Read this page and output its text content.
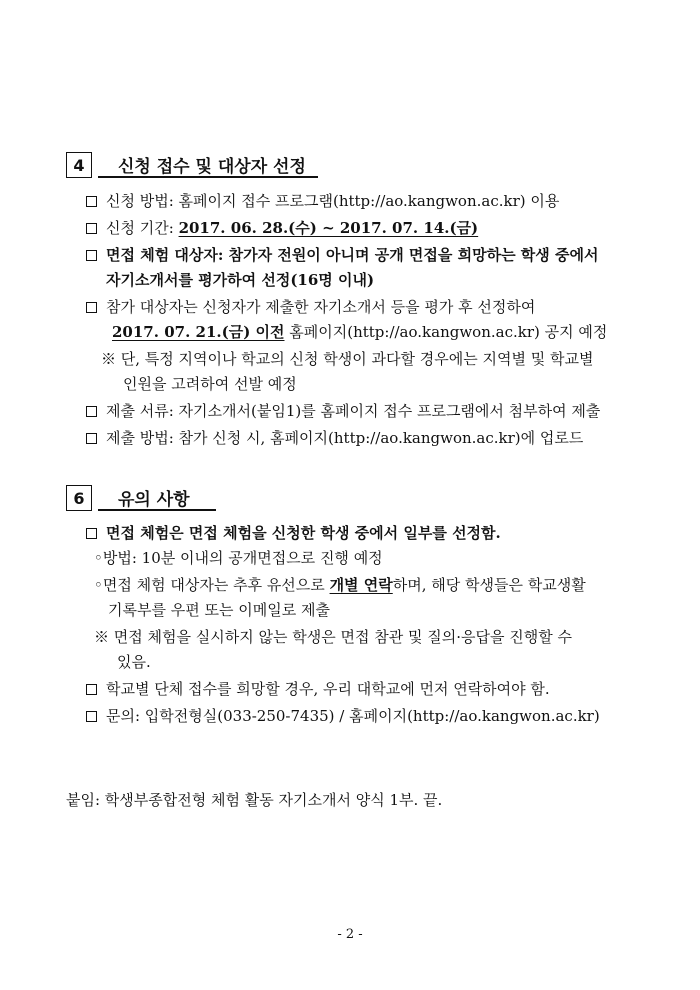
4	신청 접수 및 대상자 선정
신청 방법: 홈페이지 접수 프로그램(http://ao.kangwon.ac.kr) 이용
신청 기간: 2017. 06. 28.(수) ~ 2017. 07. 14.(금)
면접 체험 대상자: 참가자 전원이 아니며 공개 면접을 희망하는 학생 중에서
자기소개서를 평가하여 선정(16명 이내)
참가 대상자는 신청자가 제출한 자기소개서 등을 평가 후 선정하여
2017. 07. 21.(금) 이전 홈페이지(http://ao.kangwon.ac.kr) 공지 예정
※ 단, 특정 지역이나 학교의 신청 학생이 과다할 경우에는 지역별 및 학교별
인원을 고려하여 선발 예정
제출 서류: 자기소개서(붙임1)를 홈페이지 접수 프로그램에서 첨부하여 제출
제출 방법: 참가 신청 시, 홈페이지(http://ao.kangwon.ac.kr)에 업로드
6	유의 사항
면접 체험은 면접 체험을 신청한 학생 중에서 일부를 선정함.
◦방법: 10분 이내의 공개면접으로 진행 예정
◦면접 체험 대상자는 추후 유선으로 개별 연락하며, 해당 학생들은 학교생활
기록부를 우편 또는 이메일로 제출
※ 면접 체험을 실시하지 않는 학생은 면접 참관 및 질의·응답을 진행할 수
있음.
학교별 단체 접수를 희망할 경우, 우리 대학교에 먼저 연락하여야 함.
문의: 입학전형실(033-250-7435) / 홈페이지(http://ao.kangwon.ac.kr)
붙임: 학생부종합전형 체험 활동 자기소개서 양식 1부. 끝.
- 2 -
